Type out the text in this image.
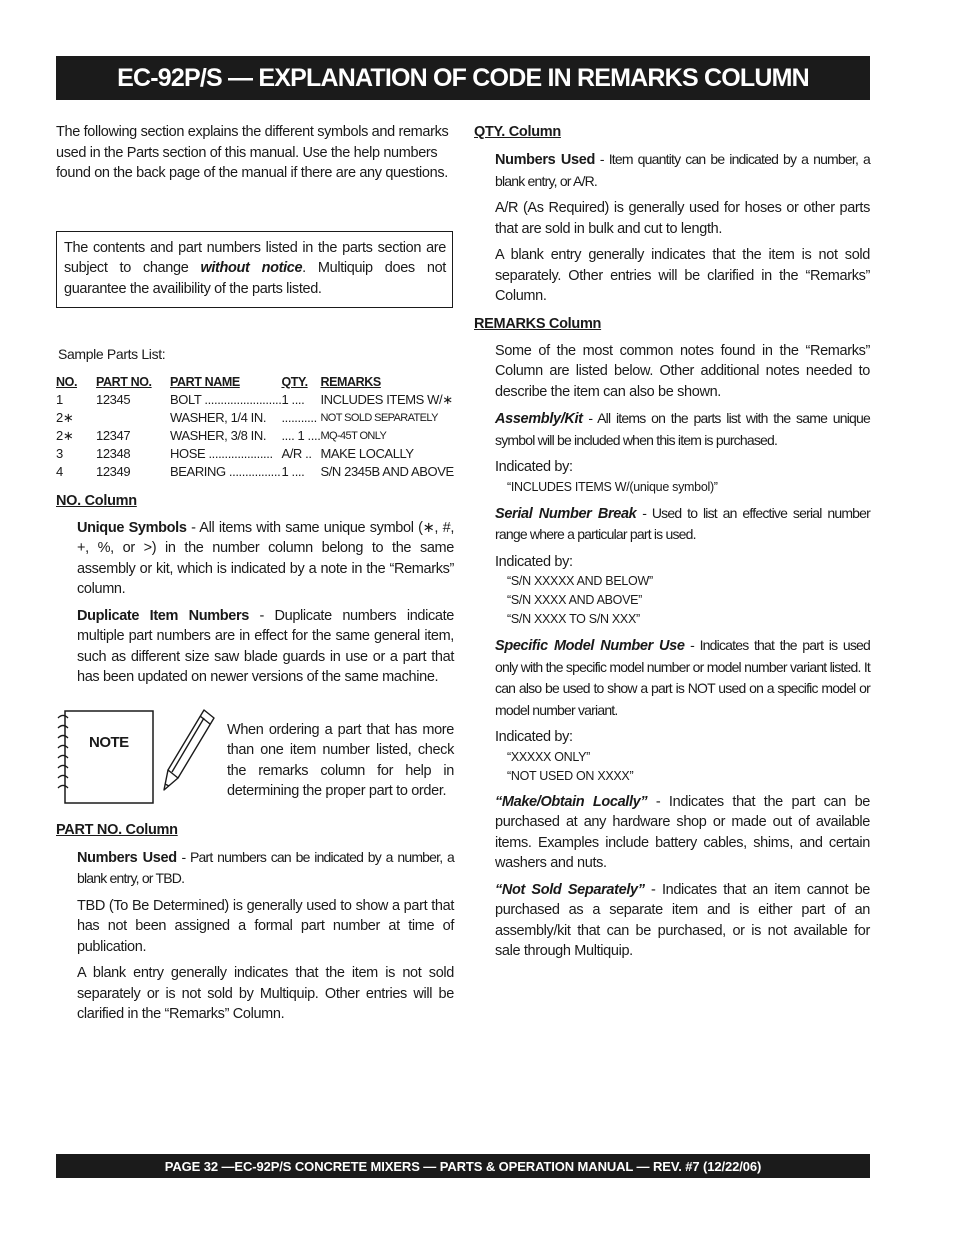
EC-92P/S — EXPLANATION OF CODE IN REMARKS COLUMN

The following section explains the different symbols and remarks used in the Parts section of this manual. Use the help numbers found on the back page of the manual if there are any questions.

The contents and part numbers listed in the parts section are subject to change without notice. Multiquip does not guarantee the availibility of the parts listed.

Sample Parts List:

NO.	PART NO.	PART NAME	QTY.	REMARKS
1	12345	BOLT ........................	1 ....	INCLUDES ITEMS W/∗
2∗		WASHER, 1/4 IN.	...........	NOT SOLD SEPARATELY
2∗	12347	WASHER, 3/8 IN.	.... 1 ....	MQ-45T ONLY
3	12348	HOSE ....................	A/R ..	MAKE LOCALLY
4	12349	BEARING ................	1 ....	S/N 2345B AND ABOVE

NO. Column

Unique Symbols - All items with same unique symbol (∗, #, +, %, or >) in the number column belong to the same assembly or kit, which is indicated by a note in the “Remarks” column.

Duplicate Item Numbers - Duplicate numbers indicate multiple part numbers are in effect for the same general item, such as different size saw blade guards in use or a part that has been updated on newer versions of the same machine.

NOTE

When ordering a part that has more than one item number listed, check the remarks column for help in determining the proper part to order.

PART NO. Column

Numbers Used - Part numbers can be indicated by a number, a blank entry, or TBD.

TBD (To Be Determined) is generally used to show a part that has not been assigned a formal part number at time of publication.

A blank entry generally indicates that the item is not sold separately or is not sold by Multiquip. Other entries will be clarified in the “Remarks” Column.

QTY. Column

Numbers Used - Item quantity can be indicated by a number, a blank entry, or A/R.

A/R (As Required) is generally used for hoses or other parts that are sold in bulk and cut to length.

A blank entry generally indicates that the item is not sold separately. Other entries will be clarified in the “Remarks” Column.

REMARKS Column

Some of the most common notes found in the “Remarks” Column are listed below. Other additional notes needed to describe the item can also be shown.

Assembly/Kit - All items on the parts list with the same unique symbol will be included when this item is purchased.

Indicated by:

“INCLUDES ITEMS W/(unique symbol)”

Serial Number Break - Used to list an effective serial number range where a particular part is used.

Indicated by:

“S/N XXXXX AND BELOW”

“S/N XXXX AND ABOVE”

“S/N XXXX TO S/N XXX”

Specific Model Number Use - Indicates that the part is used only with the specific model number or model number variant listed. It can also be used to show a part is NOT used on a specific model or model number variant.

Indicated by:

“XXXXX ONLY”

“NOT USED ON XXXX”

“Make/Obtain Locally” - Indicates that the part can be purchased at any hardware shop or made out of available items. Examples include battery cables, shims, and certain washers and nuts.

“Not Sold Separately” - Indicates that an item cannot be purchased as a separate item and is either part of an assembly/kit that can be purchased, or is not available for sale through Multiquip.

PAGE 32 —EC-92P/S CONCRETE MIXERS — PARTS & OPERATION MANUAL — REV. #7 (12/22/06)
